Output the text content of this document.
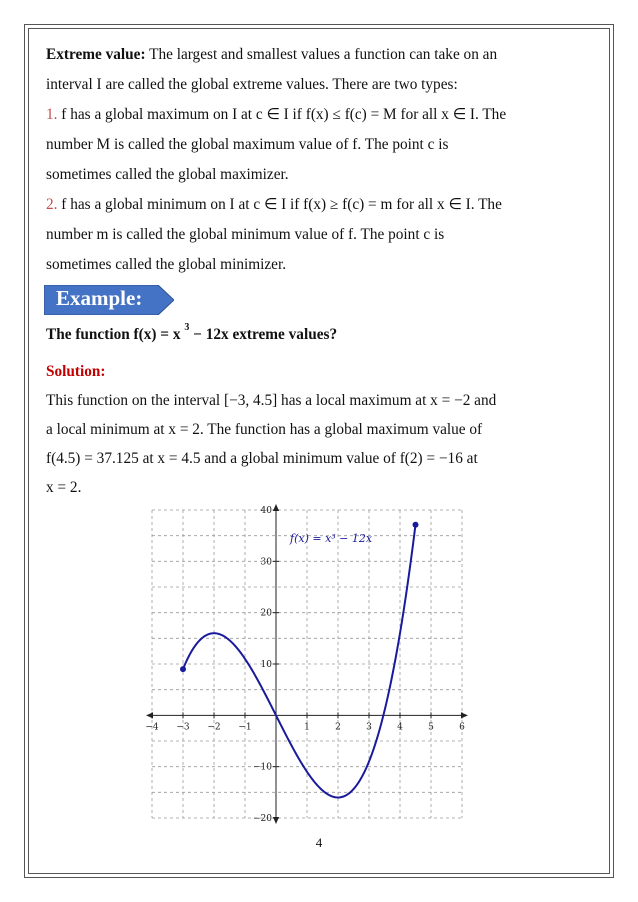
Extreme value: The largest and smallest values a function can take on an

interval I are called the global extreme values. There are two types:

1. f has a global maximum on I at c ∈ I if f(x) ≤ f(c) = M for all x ∈ I. The

number M is called the global maximum value of f. The point c is

sometimes called the global maximizer.

2. f has a global minimum on I at c ∈ I if f(x) ≥ f(c) = m for all x ∈ I. The

number m is called the global minimum value of f. The point c is

sometimes called the global minimizer.

Example:
The function f(x) = x $^3$ − 12x extreme values?

Solution:

This function on the interval [−3, 4.5] has a local maximum at x = −2 and

a local minimum at x = 2. The function has a global maximum value of

f(4.5) = 37.125 at x = 4.5 and a global minimum value of f(2) = −16 at

x = 2.

−4 −3 −2 −1	1	2	3	4	5	6
40
30
20
10
−10
−20
f(x) = x³ − 12x
4
